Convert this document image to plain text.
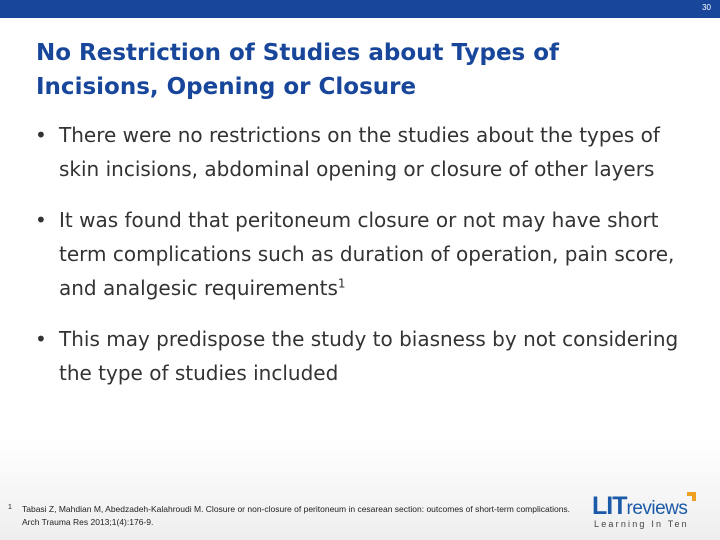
30
No Restriction of Studies about Types of Incisions, Opening or Closure
• There were no restrictions on the studies about the types of skin incisions, abdominal opening or closure of other layers
• It was found that peritoneum closure or not may have short term complications such as duration of operation, pain score, and analgesic requirements$^1$
• This may predispose the study to biasness by not considering the type of studies included
1	Tabasi Z, Mahdian M, Abedzadeh-Kalahroudi M. Closure or non-closure of peritoneum in cesarean section: outcomes of short-term complications. Arch Trauma Res 2013;1(4):176-9.
LITreviews
Learning In Ten
